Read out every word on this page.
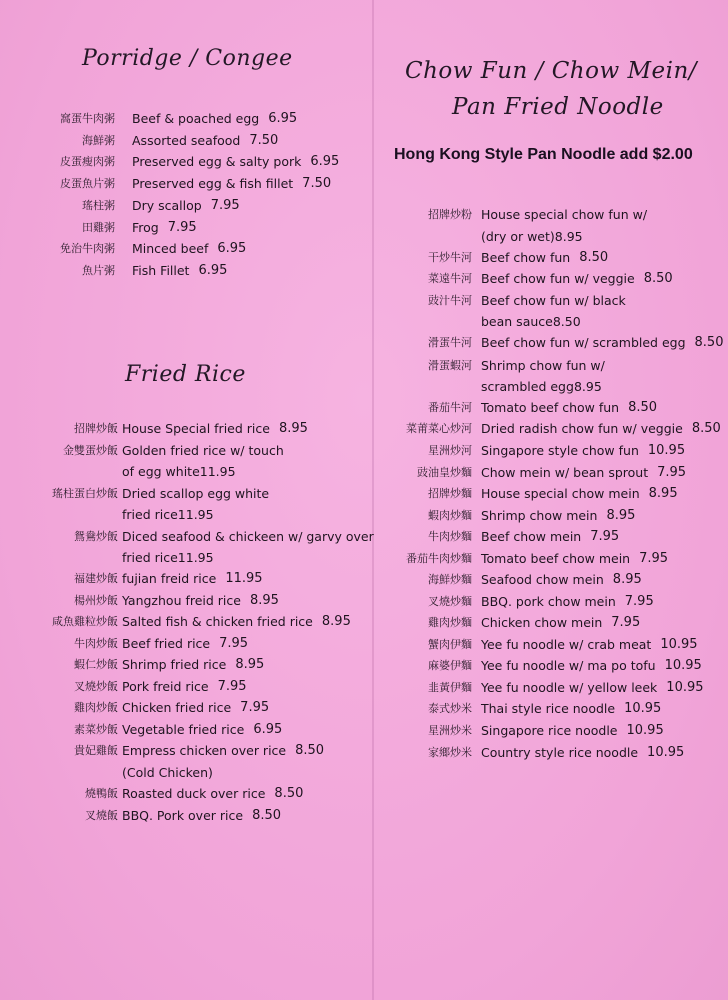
Porridge / Congee
Fried Rice
Chow Fun / Chow Mein/
Pan Fried Noodle

Hong Kong Style Pan Noodle add $2.00

窩蛋牛肉粥 Beef & poached egg 6.95
海鮮粥 Assorted seafood 7.50
皮蛋瘦肉粥 Preserved egg & salty pork 6.95
皮蛋魚片粥 Preserved egg & fish fillet 7.50
瑤柱粥 Dry scallop 7.95
田雞粥 Frog 7.95
免治牛肉粥 Minced beef 6.95
魚片粥 Fish Fillet 6.95
招牌炒飯 House Special fried rice 8.95
金雙蛋炒飯 Golden fried rice w/ touch
of egg white 11.95
瑤柱蛋白炒飯 Dried scallop egg white
fried rice 11.95
鴛鴦炒飯 Diced seafood & chickeen w/ garvy over
fried rice 11.95
福建炒飯 fujian freid rice 11.95
楊州炒飯 Yangzhou freid rice 8.95
咸魚雞粒炒飯 Salted fish & chicken fried rice 8.95
牛肉炒飯 Beef fried rice 7.95
蝦仁炒飯 Shrimp fried rice 8.95
叉燒炒飯 Pork freid rice 7.95
雞肉炒飯 Chicken fried rice 7.95
素菜炒飯 Vegetable fried rice 6.95
貴妃雞飯 Empress chicken over rice 8.50
(Cold Chicken)
燒鴨飯 Roasted duck over rice 8.50
叉燒飯 BBQ. Pork over rice 8.50
招牌炒粉 House special chow fun w/
(dry or wet) 8.95
干炒牛河 Beef chow fun 8.50
菜遠牛河 Beef chow fun w/ veggie 8.50
豉汁牛河 Beef chow fun w/ black
bean sauce 8.50
滑蛋牛河 Beef chow fun w/ scrambled egg 8.50
滑蛋蝦河 Shrimp chow fun w/
scrambled egg 8.95
番茄牛河 Tomato beef chow fun 8.50
菜莆菜心炒河 Dried radish chow fun w/ veggie 8.50
星洲炒河 Singapore style chow fun 10.95
豉油皇炒麵 Chow mein w/ bean sprout 7.95
招牌炒麵 House special chow mein 8.95
蝦肉炒麵 Shrimp chow mein 8.95
牛肉炒麵 Beef chow mein 7.95
番茄牛肉炒麵 Tomato beef chow mein 7.95
海鮮炒麵 Seafood chow mein 8.95
叉燒炒麵 BBQ. pork chow mein 7.95
雞肉炒麵 Chicken chow mein 7.95
蟹肉伊麵 Yee fu noodle w/ crab meat 10.95
麻婆伊麵 Yee fu noodle w/ ma po tofu 10.95
韭黃伊麵 Yee fu noodle w/ yellow leek 10.95
泰式炒米 Thai style rice noodle 10.95
星洲炒米 Singapore rice noodle 10.95
家鄉炒米 Country style rice noodle 10.95
